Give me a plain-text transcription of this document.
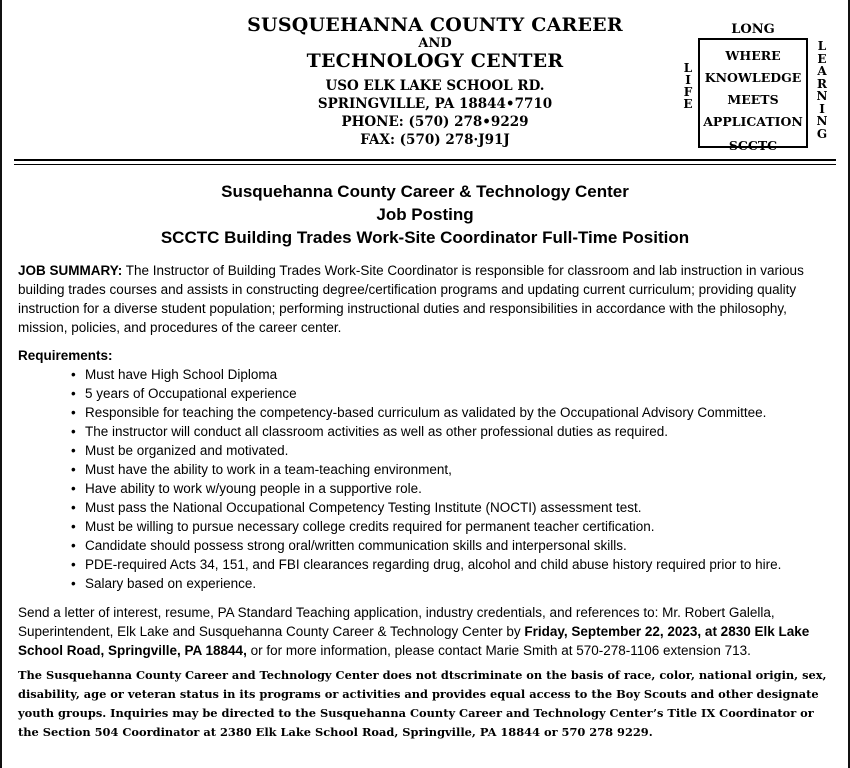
SUSQUEHANNA COUNTY CAREER
AND
TECHNOLOGY CENTER
USO ELK LAKE SCHOOL RD.
SPRINGVILLE, PA 18844•7710
PHONE: (570) 278•9229
FAX: (570) 278·J91J
LONG
LIFE
WHERE
KNOWLEDGE
MEETS
APPLICATION
LEARNING
SCCTC
Susquehanna County Career & Technology Center
Job Posting
SCCTC Building Trades Work-Site Coordinator Full-Time Position

JOB SUMMARY: The Instructor of Building Trades Work-Site Coordinator is responsible for classroom and lab instruction in various building trades courses and assists in constructing degree/certification programs and updating current curriculum; providing quality instruction for a diverse student population; performing instructional duties and responsibilities in accordance with the philosophy, mission, policies, and procedures of the career center.

Requirements:
• Must have High School Diploma
• 5 years of Occupational experience
• Responsible for teaching the competency-based curriculum as validated by the Occupational Advisory Committee.
• The instructor will conduct all classroom activities as well as other professional duties as required.
• Must be organized and motivated.
• Must have the ability to work in a team-teaching environment,
• Have ability to work w/young people in a supportive role.
• Must pass the National Occupational Competency Testing Institute (NOCTI) assessment test.
• Must be willing to pursue necessary college credits required for permanent teacher certification.
• Candidate should possess strong oral/written communication skills and interpersonal skills.
• PDE-required Acts 34, 151, and FBI clearances regarding drug, alcohol and child abuse history required prior to hire.
• Salary based on experience.
Send a letter of interest, resume, PA Standard Teaching application, industry credentials, and references to: Mr. Robert Galella, Superintendent, Elk Lake and Susquehanna County Career & Technology Center by Friday, September 22, 2023, at 2830 Elk Lake School Road, Springville, PA 18844, or for more information, please contact Marie Smith at 570-278-1106 extension 713.
The Susquehanna County Career and Technology Center does not dtscriminate on the basis of race, color, national origin, sex, disability, age or veteran status in its programs or activities and provides equal access to the Boy Scouts and other designate youth groups. Inquiries may be directed to the Susquehanna County Career and Technology Center’s Title IX Coordinator or the Section 504 Coordinator at 2380 Elk Lake School Road, Springville, PA 18844 or 570 278 9229.
